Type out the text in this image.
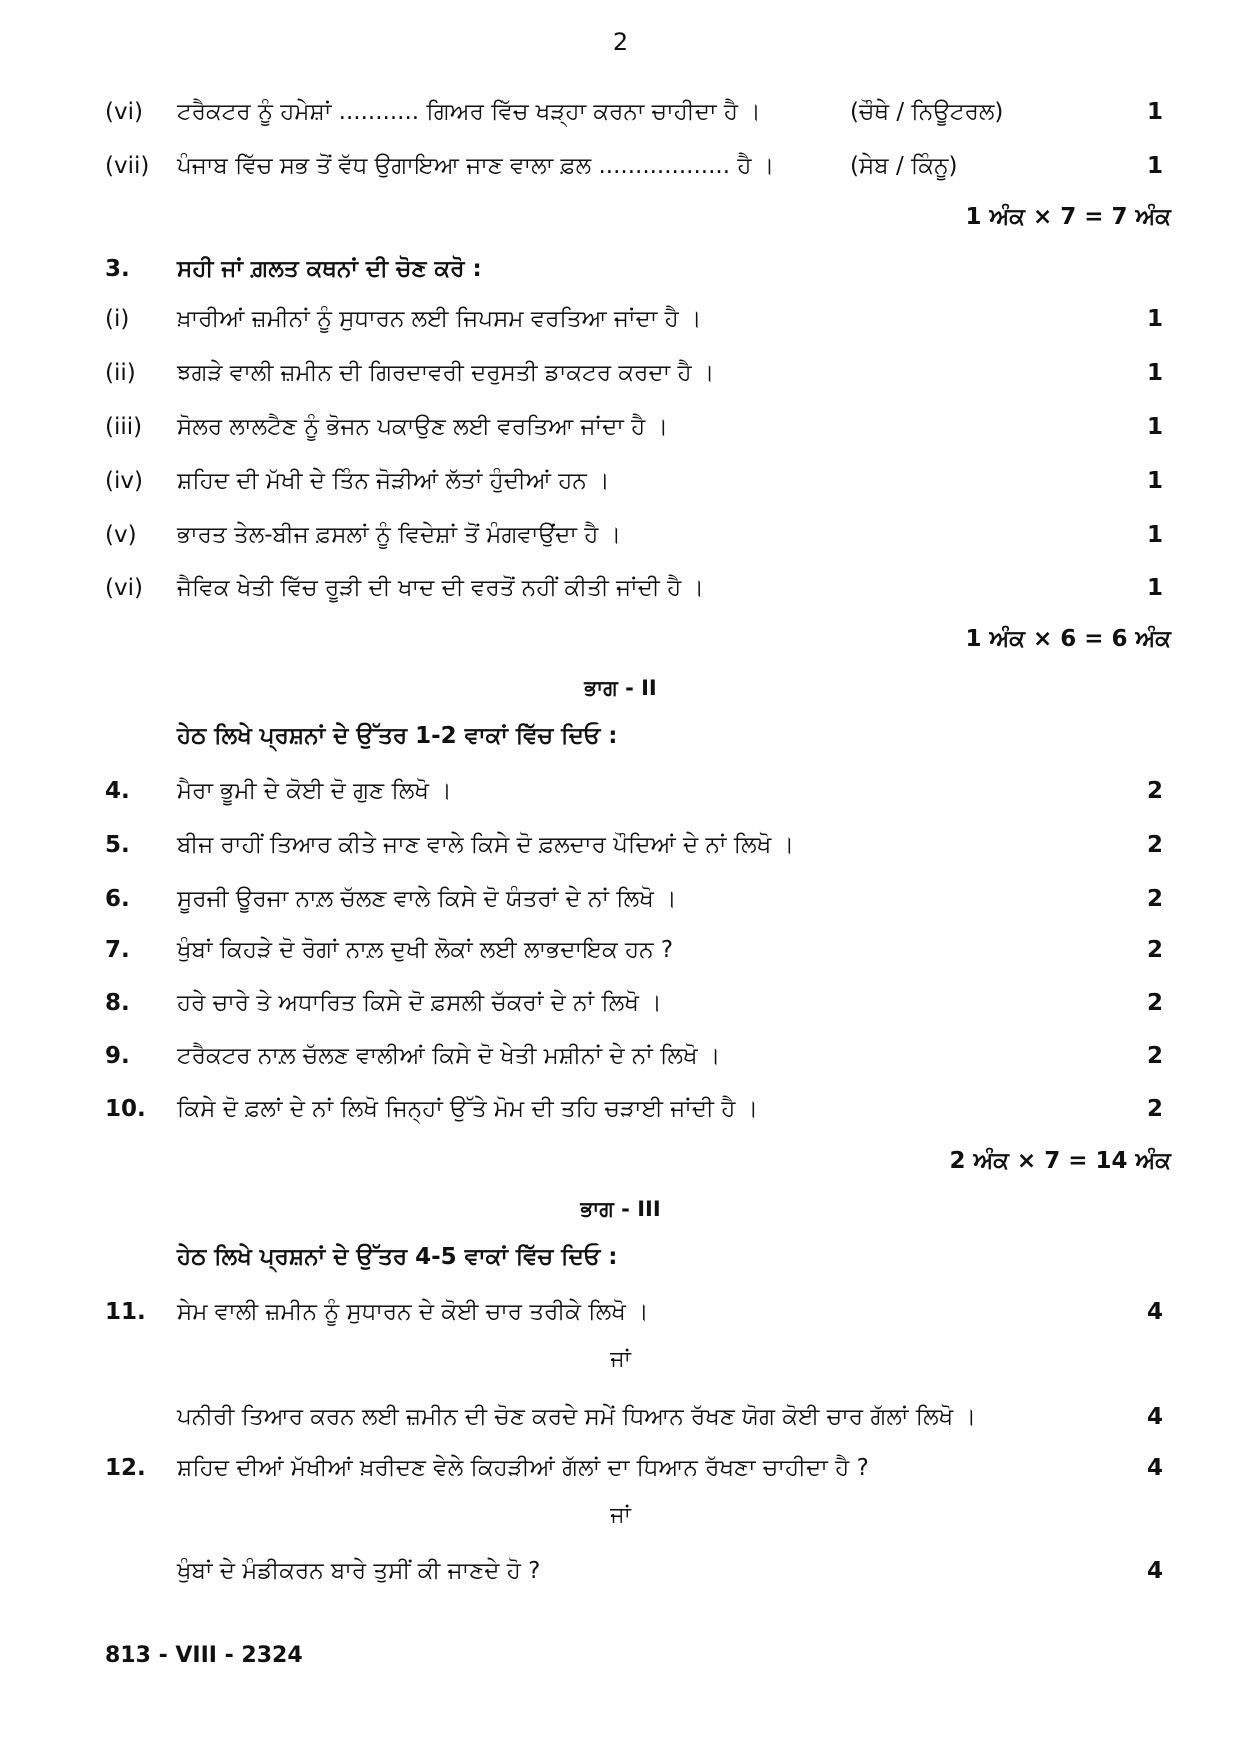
2
(vi) ਟਰੈਕਟਰ ਨੂੰ ਹਮੇਸ਼ਾਂ ........... ਗਿਅਰ ਵਿੱਚ ਖੜ੍ਹਾ ਕਰਨਾ ਚਾਹੀਦਾ ਹੈ ।	(ਚੌਥੇ / ਨਿਊਟਰਲ)	1
(vii) ਪੰਜਾਬ ਵਿੱਚ ਸਭ ਤੋਂ ਵੱਧ ਉਗਾਇਆ ਜਾਣ ਵਾਲਾ ਫ਼ਲ .................. ਹੈ ।	(ਸੇਬ / ਕਿੰਨੂ)	1
1 ਅੰਕ × 7 = 7 ਅੰਕ
3. ਸਹੀ ਜਾਂ ਗ਼ਲਤ ਕਥਨਾਂ ਦੀ ਚੋਣ ਕਰੋ :
(i) ਖ਼ਾਰੀਆਂ ਜ਼ਮੀਨਾਂ ਨੂੰ ਸੁਧਾਰਨ ਲਈ ਜਿਪਸਮ ਵਰਤਿਆ ਜਾਂਦਾ ਹੈ ।	1
(ii) ਝਗੜੇ ਵਾਲੀ ਜ਼ਮੀਨ ਦੀ ਗਿਰਦਾਵਰੀ ਦਰੁਸਤੀ ਡਾਕਟਰ ਕਰਦਾ ਹੈ ।	1
(iii) ਸੋਲਰ ਲਾਲਟੈਣ ਨੂੰ ਭੋਜਨ ਪਕਾਉਣ ਲਈ ਵਰਤਿਆ ਜਾਂਦਾ ਹੈ ।	1
(iv) ਸ਼ਹਿਦ ਦੀ ਮੱਖੀ ਦੇ ਤਿੰਨ ਜੋੜੀਆਂ ਲੱਤਾਂ ਹੁੰਦੀਆਂ ਹਨ ।	1
(v) ਭਾਰਤ ਤੇਲ-ਬੀਜ ਫ਼ਸਲਾਂ ਨੂੰ ਵਿਦੇਸ਼ਾਂ ਤੋਂ ਮੰਗਵਾਉਂਦਾ ਹੈ ।	1
(vi) ਜੈਵਿਕ ਖੇਤੀ ਵਿੱਚ ਰੂੜੀ ਦੀ ਖਾਦ ਦੀ ਵਰਤੋਂ ਨਹੀਂ ਕੀਤੀ ਜਾਂਦੀ ਹੈ ।	1
1 ਅੰਕ × 6 = 6 ਅੰਕ
ਭਾਗ - II
ਹੇਠ ਲਿਖੇ ਪ੍ਰਸ਼ਨਾਂ ਦੇ ਉੱਤਰ 1-2 ਵਾਕਾਂ ਵਿੱਚ ਦਿਓ :
4. ਮੈਰਾ ਭੂਮੀ ਦੇ ਕੋਈ ਦੋ ਗੁਣ ਲਿਖੋ ।	2
5. ਬੀਜ ਰਾਹੀਂ ਤਿਆਰ ਕੀਤੇ ਜਾਣ ਵਾਲੇ ਕਿਸੇ ਦੋ ਫ਼ਲਦਾਰ ਪੌਦਿਆਂ ਦੇ ਨਾਂ ਲਿਖੋ ।	2
6. ਸੂਰਜੀ ਊਰਜਾ ਨਾਲ਼ ਚੱਲਣ ਵਾਲੇ ਕਿਸੇ ਦੋ ਯੰਤਰਾਂ ਦੇ ਨਾਂ ਲਿਖੋ ।	2
7. ਖੁੰਬਾਂ ਕਿਹੜੇ ਦੋ ਰੋਗਾਂ ਨਾਲ਼ ਦੁਖੀ ਲੋਕਾਂ ਲਈ ਲਾਭਦਾਇਕ ਹਨ ?	2
8. ਹਰੇ ਚਾਰੇ ਤੇ ਅਧਾਰਿਤ ਕਿਸੇ ਦੋ ਫ਼ਸਲੀ ਚੱਕਰਾਂ ਦੇ ਨਾਂ ਲਿਖੋ ।	2
9. ਟਰੈਕਟਰ ਨਾਲ਼ ਚੱਲਣ ਵਾਲੀਆਂ ਕਿਸੇ ਦੋ ਖੇਤੀ ਮਸ਼ੀਨਾਂ ਦੇ ਨਾਂ ਲਿਖੋ ।	2
10. ਕਿਸੇ ਦੋ ਫ਼ਲਾਂ ਦੇ ਨਾਂ ਲਿਖੋ ਜਿਨ੍ਹਾਂ ਉੱਤੇ ਮੋਮ ਦੀ ਤਹਿ ਚੜਾਈ ਜਾਂਦੀ ਹੈ ।	2
2 ਅੰਕ × 7 = 14 ਅੰਕ
ਭਾਗ - III
ਹੇਠ ਲਿਖੇ ਪ੍ਰਸ਼ਨਾਂ ਦੇ ਉੱਤਰ 4-5 ਵਾਕਾਂ ਵਿੱਚ ਦਿਓ :
11. ਸੇਮ ਵਾਲੀ ਜ਼ਮੀਨ ਨੂੰ ਸੁਧਾਰਨ ਦੇ ਕੋਈ ਚਾਰ ਤਰੀਕੇ ਲਿਖੋ ।	4
ਜਾਂ
ਪਨੀਰੀ ਤਿਆਰ ਕਰਨ ਲਈ ਜ਼ਮੀਨ ਦੀ ਚੋਣ ਕਰਦੇ ਸਮੇਂ ਧਿਆਨ ਰੱਖਣ ਯੋਗ ਕੋਈ ਚਾਰ ਗੱਲਾਂ ਲਿਖੋ ।	4
12. ਸ਼ਹਿਦ ਦੀਆਂ ਮੱਖੀਆਂ ਖ਼ਰੀਦਣ ਵੇਲੇ ਕਿਹੜੀਆਂ ਗੱਲਾਂ ਦਾ ਧਿਆਨ ਰੱਖਣਾ ਚਾਹੀਦਾ ਹੈ ?	4
ਜਾਂ
ਖੁੰਬਾਂ ਦੇ ਮੰਡੀਕਰਨ ਬਾਰੇ ਤੁਸੀਂ ਕੀ ਜਾਣਦੇ ਹੋ ?	4
813 - VIII - 2324
